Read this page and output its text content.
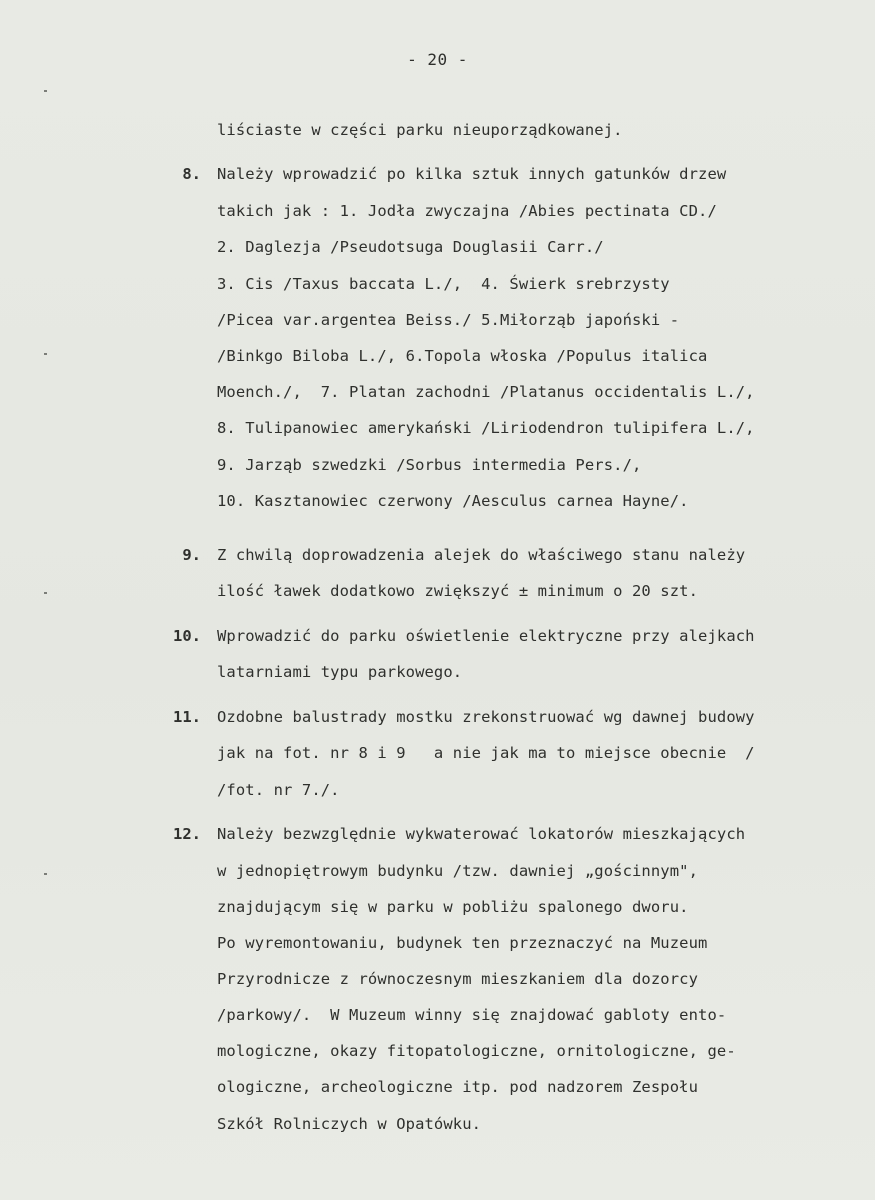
- 20 -
liściaste w części parku nieuporządkowanej.
8. Należy wprowadzić po kilka sztuk innych gatunków drzew
takich jak : 1. Jodła zwyczajna /Abies pectinata CD./
2. Daglezja /Pseudotsuga Douglasii Carr./
3. Cis /Taxus baccata L./,  4. Świerk srebrzysty
/Picea var.argentea Beiss./ 5.Miłorząb japoński -
/Binkgo Biloba L./, 6.Topola włoska /Populus italica
Moench./,  7. Platan zachodni /Platanus occidentalis L./,
8. Tulipanowiec amerykański /Liriodendron tulipifera L./,
9. Jarząb szwedzki /Sorbus intermedia Pers./,
10. Kasztanowiec czerwony /Aesculus carnea Hayne/.
9. Z chwilą doprowadzenia alejek do właściwego stanu należy
ilość ławek dodatkowo zwiększyć ± minimum o 20 szt.
10. Wprowadzić do parku oświetlenie elektryczne przy alejkach
latarniami typu parkowego.
11. Ozdobne balustrady mostku zrekonstruować wg dawnej budowy
jak na fot. nr 8 i 9   a nie jak ma to miejsce obecnie  /
/fot. nr 7./.
12. Należy bezwzględnie wykwaterować lokatorów mieszkających
w jednopiętrowym budynku /tzw. dawniej „gościnnym",
znajdującym się w parku w pobliżu spalonego dworu.
Po wyremontowaniu, budynek ten przeznaczyć na Muzeum
Przyrodnicze z równoczesnym mieszkaniem dla dozorcy
/parkowy/.  W Muzeum winny się znajdować gabloty ento-
mologiczne, okazy fitopatologiczne, ornitologiczne, ge-
ologiczne, archeologiczne itp. pod nadzorem Zespołu
Szkół Rolniczych w Opatówku.
